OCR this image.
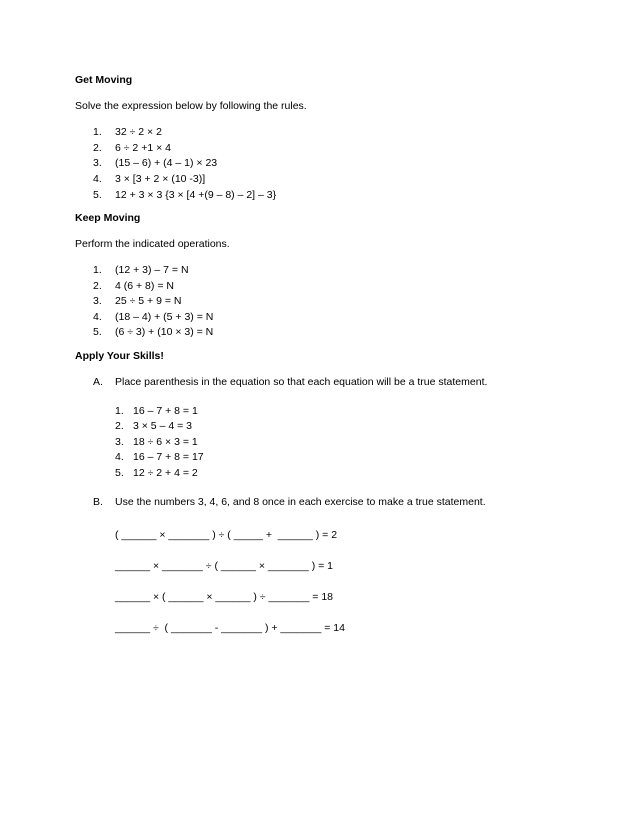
Get Moving
Solve the expression below by following the rules.
1. 32 ÷ 2 × 2
2. 6 ÷ 2 +1 × 4
3. (15 – 6) + (4 – 1) × 23
4. 3 × [3 + 2 × (10 -3)]
5. 12 + 3 × 3 {3 × [4 +(9 – 8) – 2] – 3}
Keep Moving
Perform the indicated operations.
1. (12 + 3) – 7 = N
2. 4 (6 + 8) = N
3. 25 ÷ 5 + 9 = N
4. (18 – 4) + (5 + 3) = N
5. (6 ÷ 3) + (10 × 3) = N
Apply Your Skills!
A. Place parenthesis in the equation so that each equation will be a true statement.
1. 16 – 7 + 8 = 1
2. 3 × 5 – 4 = 3
3. 18 ÷ 6 × 3 = 1
4. 16 – 7 + 8 = 17
5. 12 ÷ 2 + 4 = 2
B. Use the numbers 3, 4, 6, and 8 once in each exercise to make a true statement.
( ______ × _______ ) ÷ ( _____ +  ______ ) = 2
______ × _______ ÷ ( ______ × _______ ) = 1
______ × ( ______ × ______ ) ÷ _______ = 18
______ ÷  ( _______ - _______ ) + _______ = 14
